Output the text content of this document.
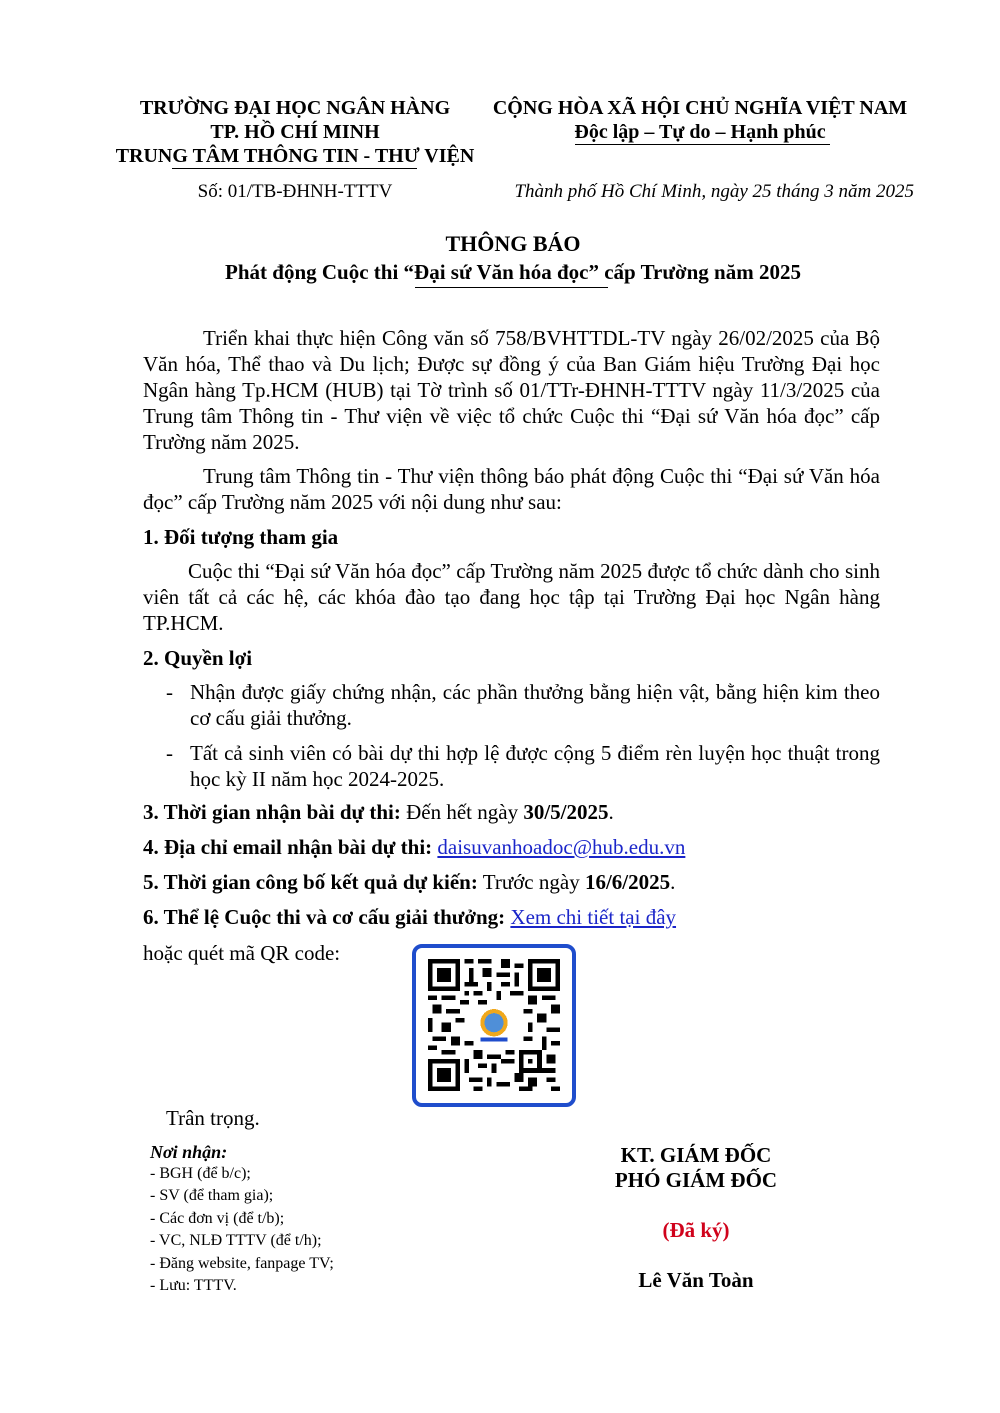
TRƯỜNG ĐẠI HỌC NGÂN HÀNG
TP. HỒ CHÍ MINH
TRUNG TÂM THÔNG TIN - THƯ VIỆN
CỘNG HÒA XÃ HỘI CHỦ NGHĨA VIỆT NAM
Độc lập – Tự do – Hạnh phúc
Số: 01/TB-ĐHNH-TTTV	Thành phố Hồ Chí Minh, ngày 25 tháng 3 năm 2025
THÔNG BÁO
Phát động Cuộc thi “Đại sứ Văn hóa đọc” cấp Trường năm 2025
Triển khai thực hiện Công văn số 758/BVHTTDL-TV ngày 26/02/2025 của Bộ Văn hóa, Thể thao và Du lịch; Được sự đồng ý của Ban Giám hiệu Trường Đại học Ngân hàng Tp.HCM (HUB) tại Tờ trình số 01/TTr-ĐHNH-TTTV ngày 11/3/2025 của Trung tâm Thông tin - Thư viện về việc tổ chức Cuộc thi “Đại sứ Văn hóa đọc” cấp Trường năm 2025.
Trung tâm Thông tin - Thư viện thông báo phát động Cuộc thi “Đại sứ Văn hóa đọc” cấp Trường năm 2025 với nội dung như sau:
1. Đối tượng tham gia
Cuộc thi “Đại sứ Văn hóa đọc” cấp Trường năm 2025 được tổ chức dành cho sinh viên tất cả các hệ, các khóa đào tạo đang học tập tại Trường Đại học Ngân hàng TP.HCM.
2. Quyền lợi
- Nhận được giấy chứng nhận, các phần thưởng bằng hiện vật, bằng hiện kim theo cơ cấu giải thưởng.
- Tất cả sinh viên có bài dự thi hợp lệ được cộng 5 điểm rèn luyện học thuật trong học kỳ II năm học 2024-2025.
3. Thời gian nhận bài dự thi: Đến hết ngày 30/5/2025.
4. Địa chỉ email nhận bài dự thi: daisuvanhoadoc@hub.edu.vn
5. Thời gian công bố kết quả dự kiến: Trước ngày 16/6/2025.
6. Thể lệ Cuộc thi và cơ cấu giải thưởng: Xem chi tiết tại đây
hoặc quét mã QR code:
Trân trọng.
Nơi nhận:
- BGH (để b/c);
- SV (để tham gia);
- Các đơn vị (để t/b);
- VC, NLĐ TTTV (để t/h);
- Đăng website, fanpage TV;
- Lưu: TTTV.
KT. GIÁM ĐỐC
PHÓ GIÁM ĐỐC
(Đã ký)
Lê Văn Toàn
